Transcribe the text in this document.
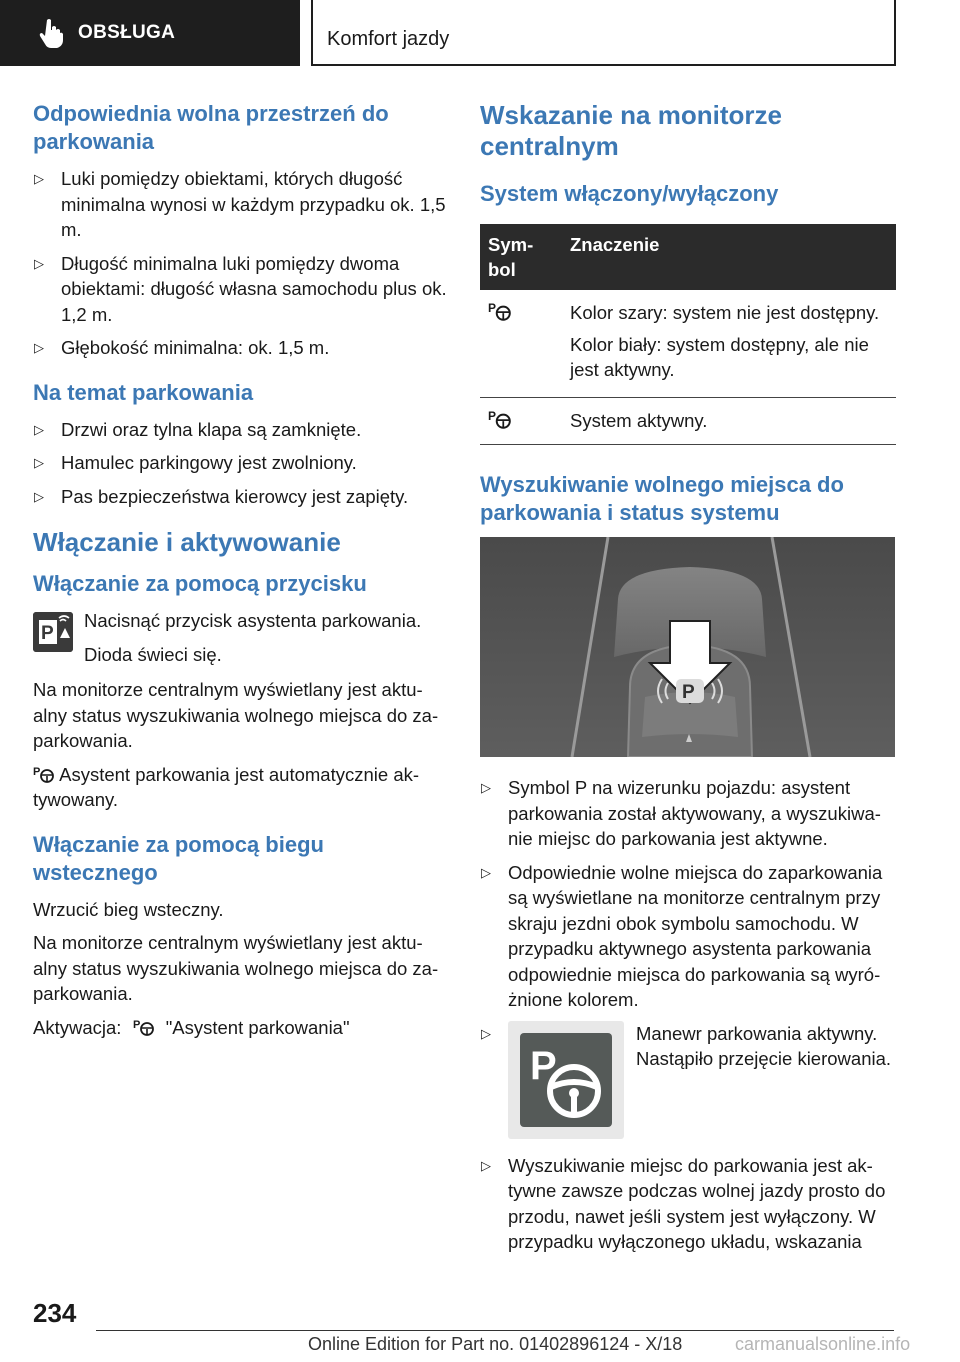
OBSŁUGA	Komfort jazdy
Odpowiednia wolna przestrzeń do parkowania
▷ Luki pomiędzy obiektami, których długość minimalna wynosi w każdym przypadku ok. 1,5 m.
▷ Długość minimalna luki pomiędzy dwoma obiektami: długość własna samochodu plus ok. 1,2 m.
▷ Głębokość minimalna: ok. 1,5 m.
Na temat parkowania
▷ Drzwi oraz tylna klapa są zamknięte.
▷ Hamulec parkingowy jest zwolniony.
▷ Pas bezpieczeństwa kierowcy jest zapięty.
Włączanie i aktywowanie
Włączanie za pomocą przycisku
P

Nacisnąć przycisk asystenta parkowania.

Dioda świeci się.

Na monitorze centralnym wyświetlany jest aktu‐alny status wyszukiwania wolnego miejsca do za‐parkowania.

P Asystent parkowania jest automatycznie ak‐tywowany.

Włączanie za pomocą biegu wstecznego

Wrzucić bieg wsteczny.

Na monitorze centralnym wyświetlany jest aktu‐alny status wyszukiwania wolnego miejsca do za‐parkowania.

Aktywacja: P "Asystent parkowania"

Wskazanie na monitorze centralnym
System włączony/wyłączony
Sym‐bol	Znaczenie

P	Kolor szary: system nie jest dostępny.

Kolor biały: system dostępny, ale nie jest aktywny.

P	System aktywny.
Wyszukiwanie wolnego miejsca do parkowania i status systemu
P
▷ Symbol P na wizerunku pojazdu: asystent parkowania został aktywowany, a wyszukiwa‐nie miejsc do parkowania jest aktywne.
▷ Odpowiednie wolne miejsca do zaparkowania są wyświetlane na monitorze centralnym przy skraju jezdni obok symbolu samochodu. W przypadku aktywnego asystenta parkowania odpowiednie miejsca do parkowania są wyró‐żnione kolorem.
▷
P

Manewr parkowania aktywny.

Nastąpiło przejęcie kierowania.

▷ Wyszukiwanie miejsc do parkowania jest ak‐tywne zawsze podczas wolnej jazdy prosto do przodu, nawet jeśli system jest wyłączony. W przypadku wyłączonego układu, wskazania
234
Online Edition for Part no. 01402896124 - X/18	carmanualsonline.info
